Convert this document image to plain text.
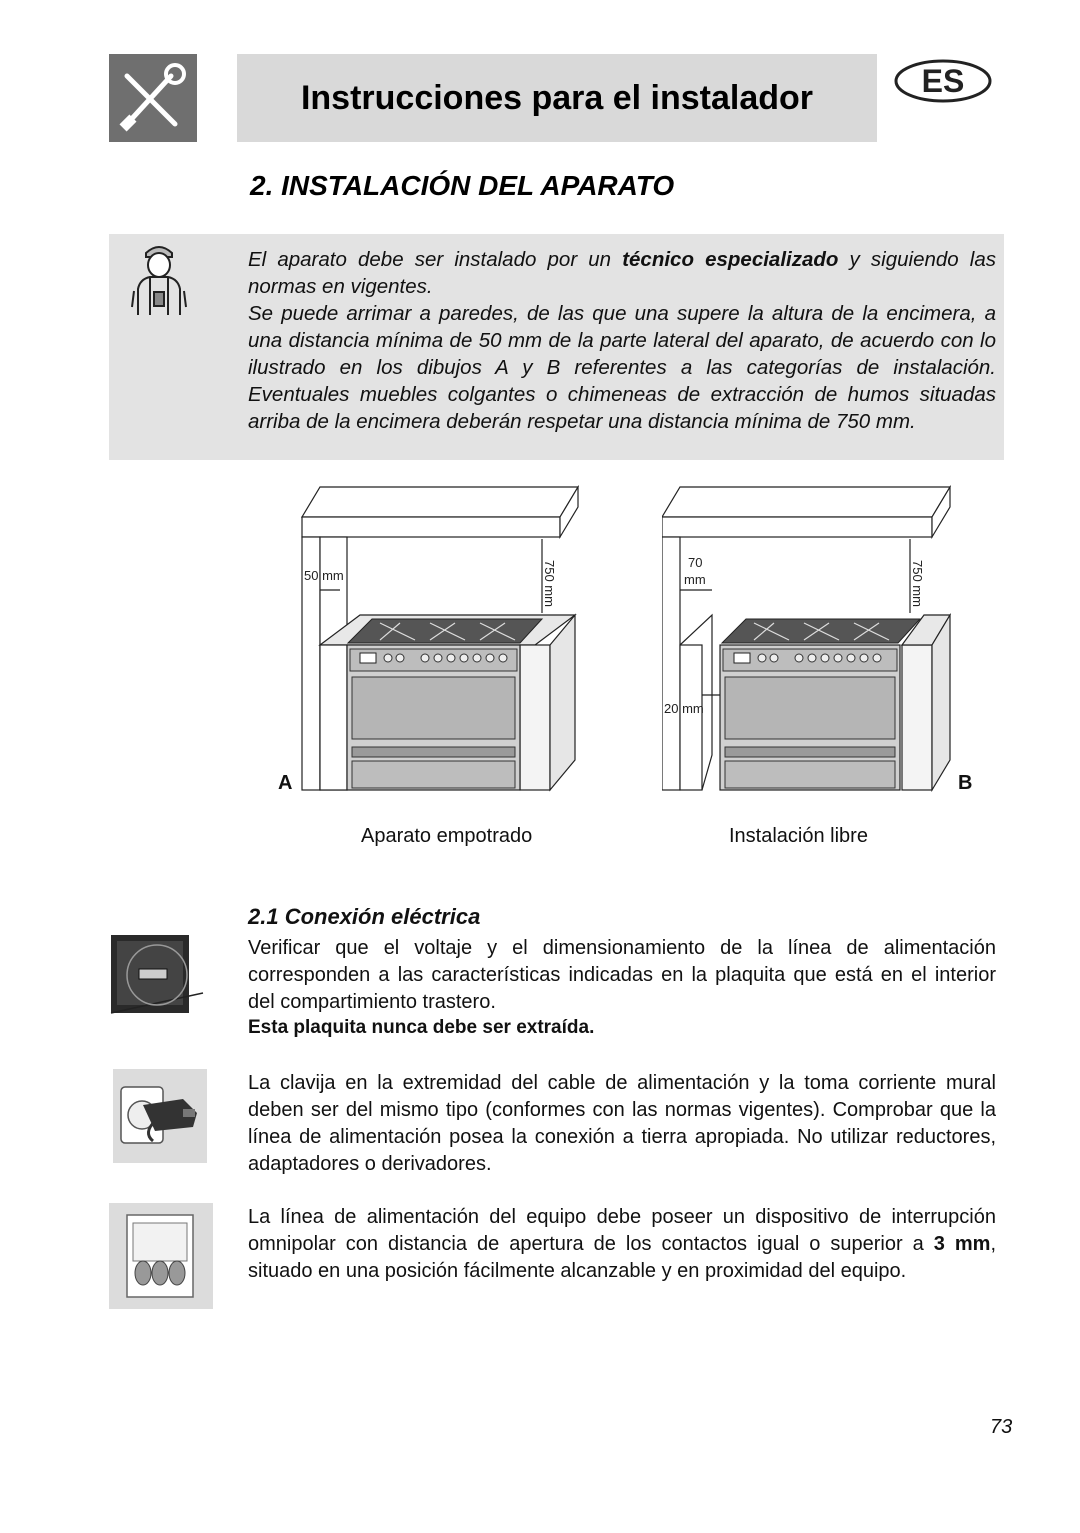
Instrucciones para el instalador	ES
2. INSTALACIÓN DEL APARATO

El aparato debe ser instalado por un técnico especializado y siguiendo las normas en vigentes.

Se puede arrimar a paredes, de las que una supere la altura de la encimera, a una distancia mínima de 50 mm de la parte lateral del aparato, de acuerdo con lo ilustrado en los dibujos A y B referentes a las categorías de instalación. Eventuales muebles colgantes o chimeneas de extracción de humos situadas arriba de la encimera deberán respetar una distancia mínima de 750 mm.

50 mm	750 mm
A
70
mm
20 mm
750 mm
B
Aparato empotrado	Instalación libre
2.1 Conexión eléctrica

Verificar que el voltaje y el dimensionamiento de la línea de alimentación corresponden a las características indicadas en la plaquita que está en el interior del compartimiento trastero.

Esta plaquita nunca debe ser extraída.

La clavija en la extremidad del cable de alimentación y la toma corriente mural deben ser del mismo tipo (conformes con las normas vigentes). Comprobar que la línea de alimentación posea la conexión a tierra apropiada. No utilizar reductores, adaptadores o derivadores.

La línea de alimentación del equipo debe poseer un dispositivo de interrupción omnipolar con distancia de apertura de los contactos igual o superior a 3 mm, situado en una posición fácilmente alcanzable y en proximidad del equipo.

73
